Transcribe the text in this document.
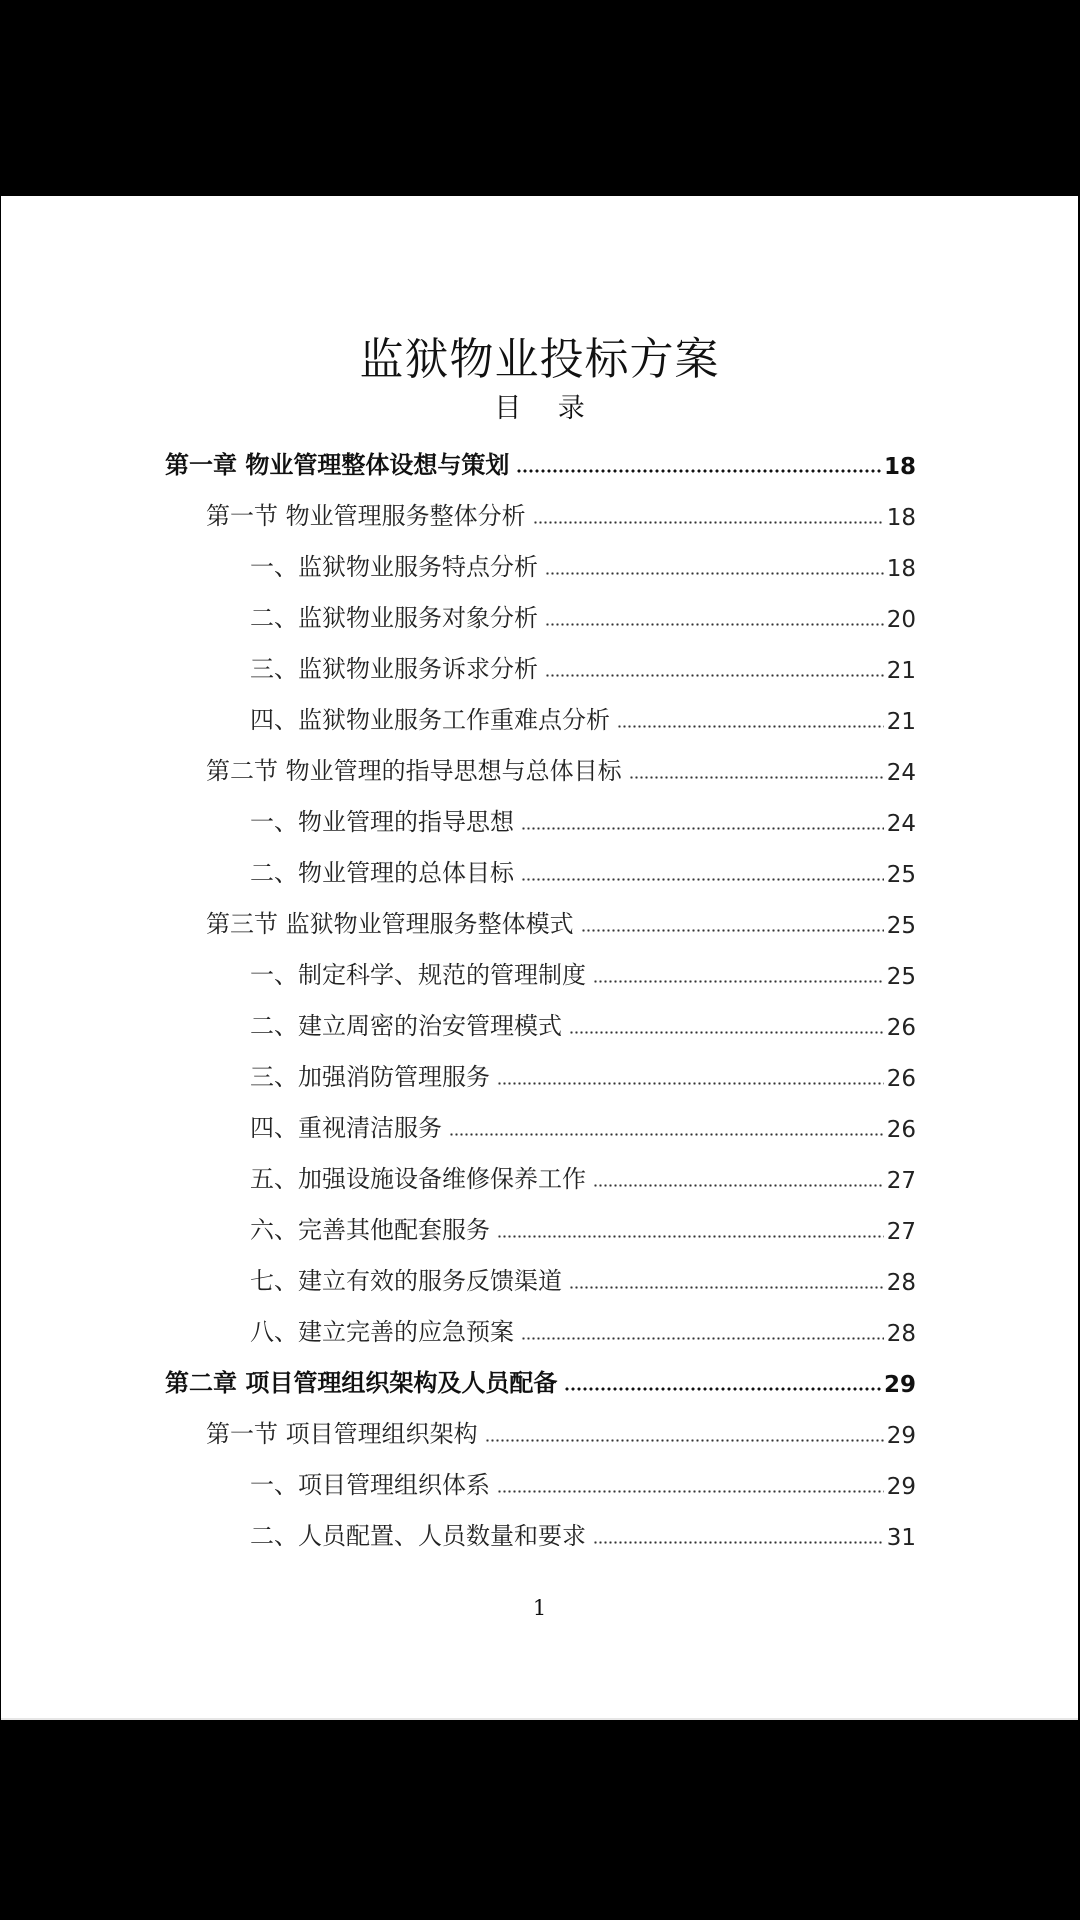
监狱物业投标方案
目 录
第一章 物业管理整体设想与策划	18
第一节 物业管理服务整体分析	18
一、监狱物业服务特点分析	18
二、监狱物业服务对象分析	20
三、监狱物业服务诉求分析	21
四、监狱物业服务工作重难点分析	21
第二节 物业管理的指导思想与总体目标	24
一、物业管理的指导思想	24
二、物业管理的总体目标	25
第三节 监狱物业管理服务整体模式	25
一、制定科学、规范的管理制度	25
二、建立周密的治安管理模式	26
三、加强消防管理服务	26
四、重视清洁服务	26
五、加强设施设备维修保养工作	27
六、完善其他配套服务	27
七、建立有效的服务反馈渠道	28
八、建立完善的应急预案	28
第二章 项目管理组织架构及人员配备	29
第一节 项目管理组织架构	29
一、项目管理组织体系	29
二、人员配置、人员数量和要求	31
1
